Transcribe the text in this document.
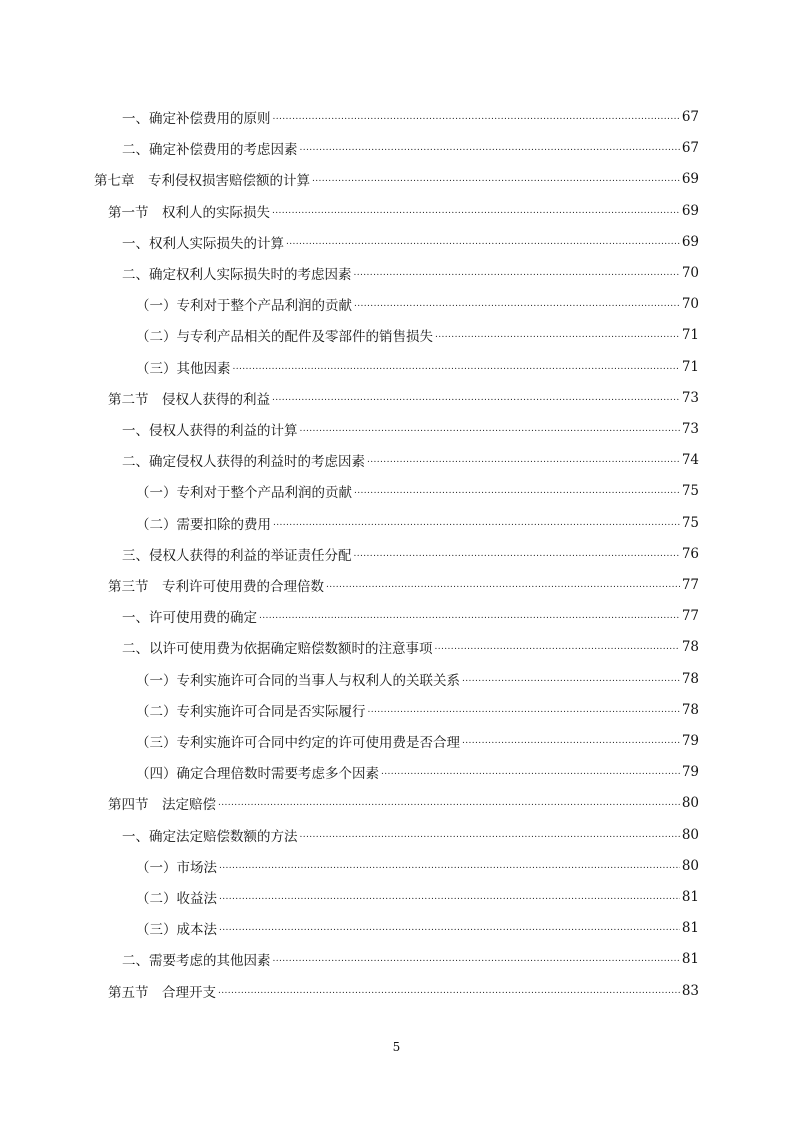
一、确定补偿费用的原则 .....	67
二、确定补偿费用的考虑因素 .....	67
第七章　专利侵权损害赔偿额的计算 .....	69
第一节　权利人的实际损失 .....	69
一、权利人实际损失的计算 .....	69
二、确定权利人实际损失时的考虑因素 .....	70
（一）专利对于整个产品利润的贡献 .....	70
（二）与专利产品相关的配件及零部件的销售损失 .....	71
（三）其他因素 .....	71
第二节　侵权人获得的利益 .....	73
一、侵权人获得的利益的计算 .....	73
二、确定侵权人获得的利益时的考虑因素 .....	74
（一）专利对于整个产品利润的贡献 .....	75
（二）需要扣除的费用 .....	75
三、侵权人获得的利益的举证责任分配 .....	76
第三节　专利许可使用费的合理倍数 .....	77
一、许可使用费的确定 .....	77
二、以许可使用费为依据确定赔偿数额时的注意事项 .....	78
（一）专利实施许可合同的当事人与权利人的关联关系 .....	78
（二）专利实施许可合同是否实际履行 .....	78
（三）专利实施许可合同中约定的许可使用费是否合理 .....	79
（四）确定合理倍数时需要考虑多个因素 .....	79
第四节　法定赔偿 .....	80
一、确定法定赔偿数额的方法 .....	80
（一）市场法 .....	80
（二）收益法 .....	81
（三）成本法 .....	81
二、需要考虑的其他因素 .....	81
第五节　合理开支 .....	83
5
